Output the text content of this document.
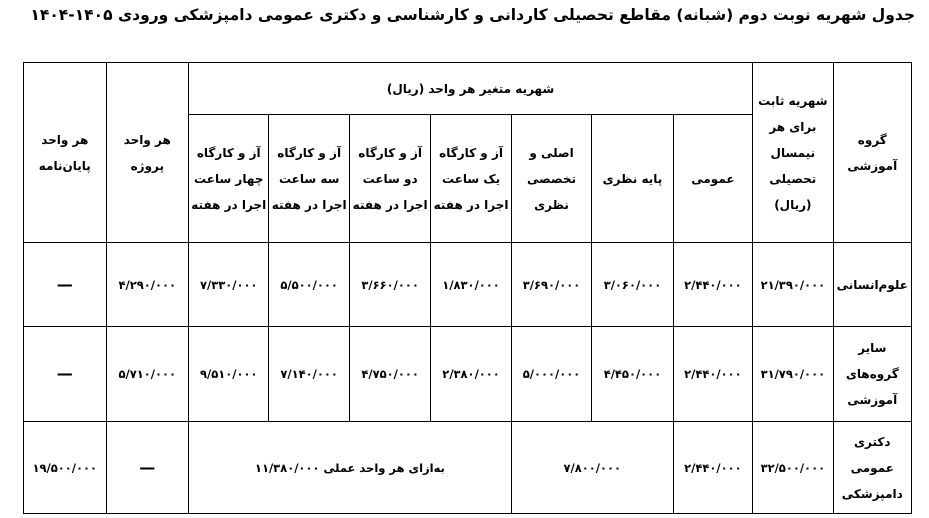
جدول شهریه نوبت دوم (شبانه) مقاطع تحصیلی کاردانی و کارشناسی و دکتری عمومی دامپزشکی ورودی ۱۴۰۵-۱۴۰۴
گروه آموزشی	شهریه ثابت برای هر نیمسال تحصیلی (ریال)	شهریه متغیر هر واحد (ریال)							هر واحد پروژه	هر واحد پایان‌نامه
		عمومی	پایه نظری	اصلی و تخصصی نظری	آز و کارگاه یک ساعت اجرا در هفته	آز و کارگاه دو ساعت اجرا در هفته	آز و کارگاه سه ساعت اجرا در هفته	آز و کارگاه چهار ساعت اجرا در هفته		
علوم‌انسانی	۲۱/۳۹۰/۰۰۰	۲/۴۴۰/۰۰۰	۳/۰۶۰/۰۰۰	۳/۶۹۰/۰۰۰	۱/۸۳۰/۰۰۰	۳/۶۶۰/۰۰۰	۵/۵۰۰/۰۰۰	۷/۳۳۰/۰۰۰	۴/۲۹۰/۰۰۰	—
سایر گروه‌های آموزشی	۳۱/۷۹۰/۰۰۰	۲/۴۴۰/۰۰۰	۴/۴۵۰/۰۰۰	۵/۰۰۰/۰۰۰	۲/۳۸۰/۰۰۰	۴/۷۵۰/۰۰۰	۷/۱۴۰/۰۰۰	۹/۵۱۰/۰۰۰	۵/۷۱۰/۰۰۰	—
دکتری عمومی دامپزشکی	۳۲/۵۰۰/۰۰۰	۲/۴۴۰/۰۰۰	۷/۸۰۰/۰۰۰		به‌ازای هر واحد عملی ۱۱/۳۸۰/۰۰۰				—	۱۹/۵۰۰/۰۰۰
